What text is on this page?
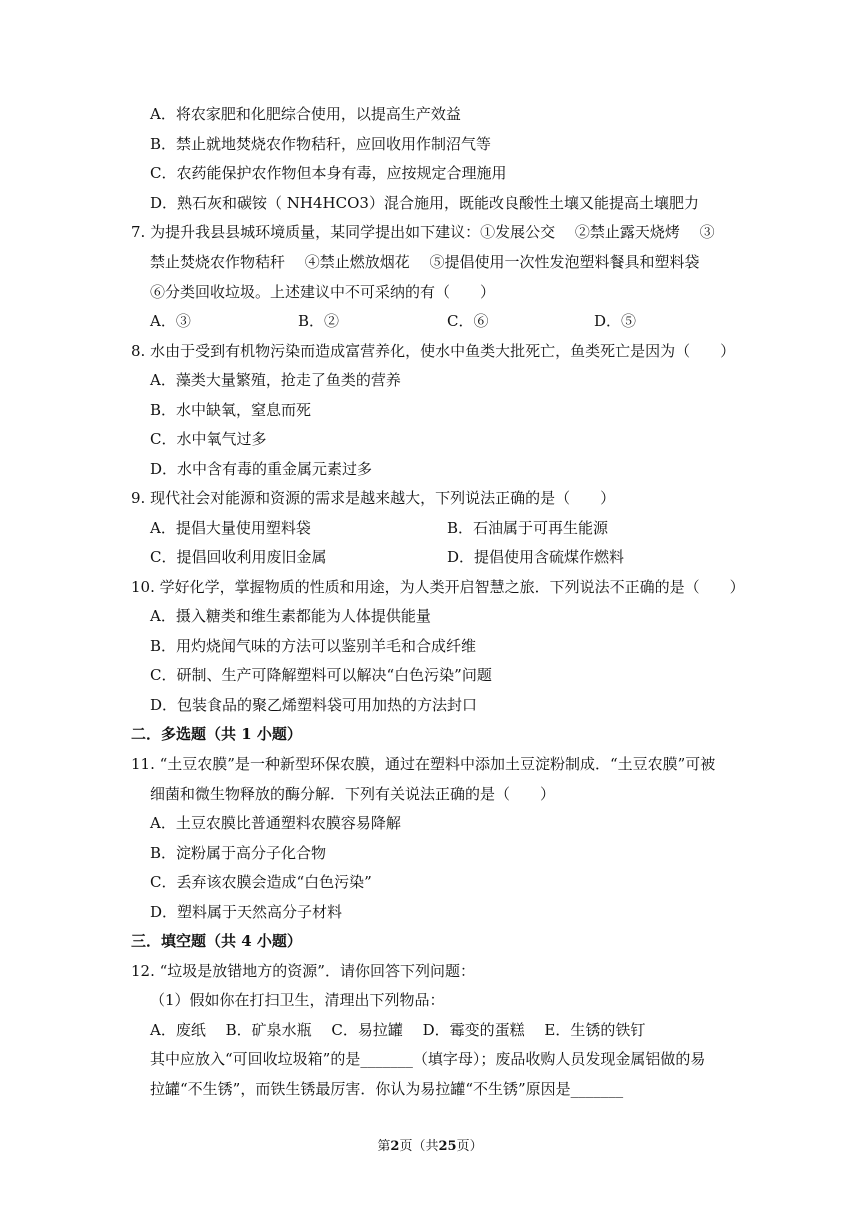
A．将农家肥和化肥综合使用，以提高生产效益
B．禁止就地焚烧农作物秸秆，应回收用作制沼气等
C．农药能保护农作物但本身有毒，应按规定合理施用
D．熟石灰和碳铵（ NH4HCO3）混合施用，既能改良酸性土壤又能提高土壤肥力
7. 为提升我县县城环境质量，某同学提出如下建议：①发展公交　 ②禁止露天烧烤　 ③
禁止焚烧农作物秸秆　 ④禁止燃放烟花　 ⑤提倡使用一次性发泡塑料餐具和塑料袋
⑥分类回收垃圾。上述建议中不可采纳的有（　　）
A．③	B．②	C．⑥	D．⑤
8. 水由于受到有机物污染而造成富营养化，使水中鱼类大批死亡，鱼类死亡是因为（　　）
A．藻类大量繁殖，抢走了鱼类的营养
B．水中缺氧，窒息而死
C．水中氧气过多
D．水中含有毒的重金属元素过多
9. 现代社会对能源和资源的需求是越来越大，下列说法正确的是（　　）
A．提倡大量使用塑料袋	B．石油属于可再生能源
C．提倡回收利用废旧金属	D．提倡使用含硫煤作燃料
10. 学好化学，掌握物质的性质和用途，为人类开启智慧之旅．下列说法不正确的是（　　）
A．摄入糖类和维生素都能为人体提供能量
B．用灼烧闻气味的方法可以鉴别羊毛和合成纤维
C．研制、生产可降解塑料可以解决“白色污染”问题
D．包装食品的聚乙烯塑料袋可用加热的方法封口
二．多选题（共 1 小题）
11. “土豆农膜”是一种新型环保农膜，通过在塑料中添加土豆淀粉制成．“土豆农膜”可被
细菌和微生物释放的酶分解．下列有关说法正确的是（　　）
A．土豆农膜比普通塑料农膜容易降解
B．淀粉属于高分子化合物
C．丢弃该农膜会造成“白色污染”
D．塑料属于天然高分子材料
三．填空题（共 4 小题）
12. “垃圾是放错地方的资源”．请你回答下列问题：
（1）假如你在打扫卫生，清理出下列物品：
A．废纸　 B．矿泉水瓶　 C．易拉罐　 D．霉变的蛋糕　 E．生锈的铁钉
其中应放入“可回收垃圾箱”的是_______（填字母）；废品收购人员发现金属铝做的易
拉罐“不生锈”，而铁生锈最厉害．你认为易拉罐“不生锈”原因是_______
第2页（共25页）
